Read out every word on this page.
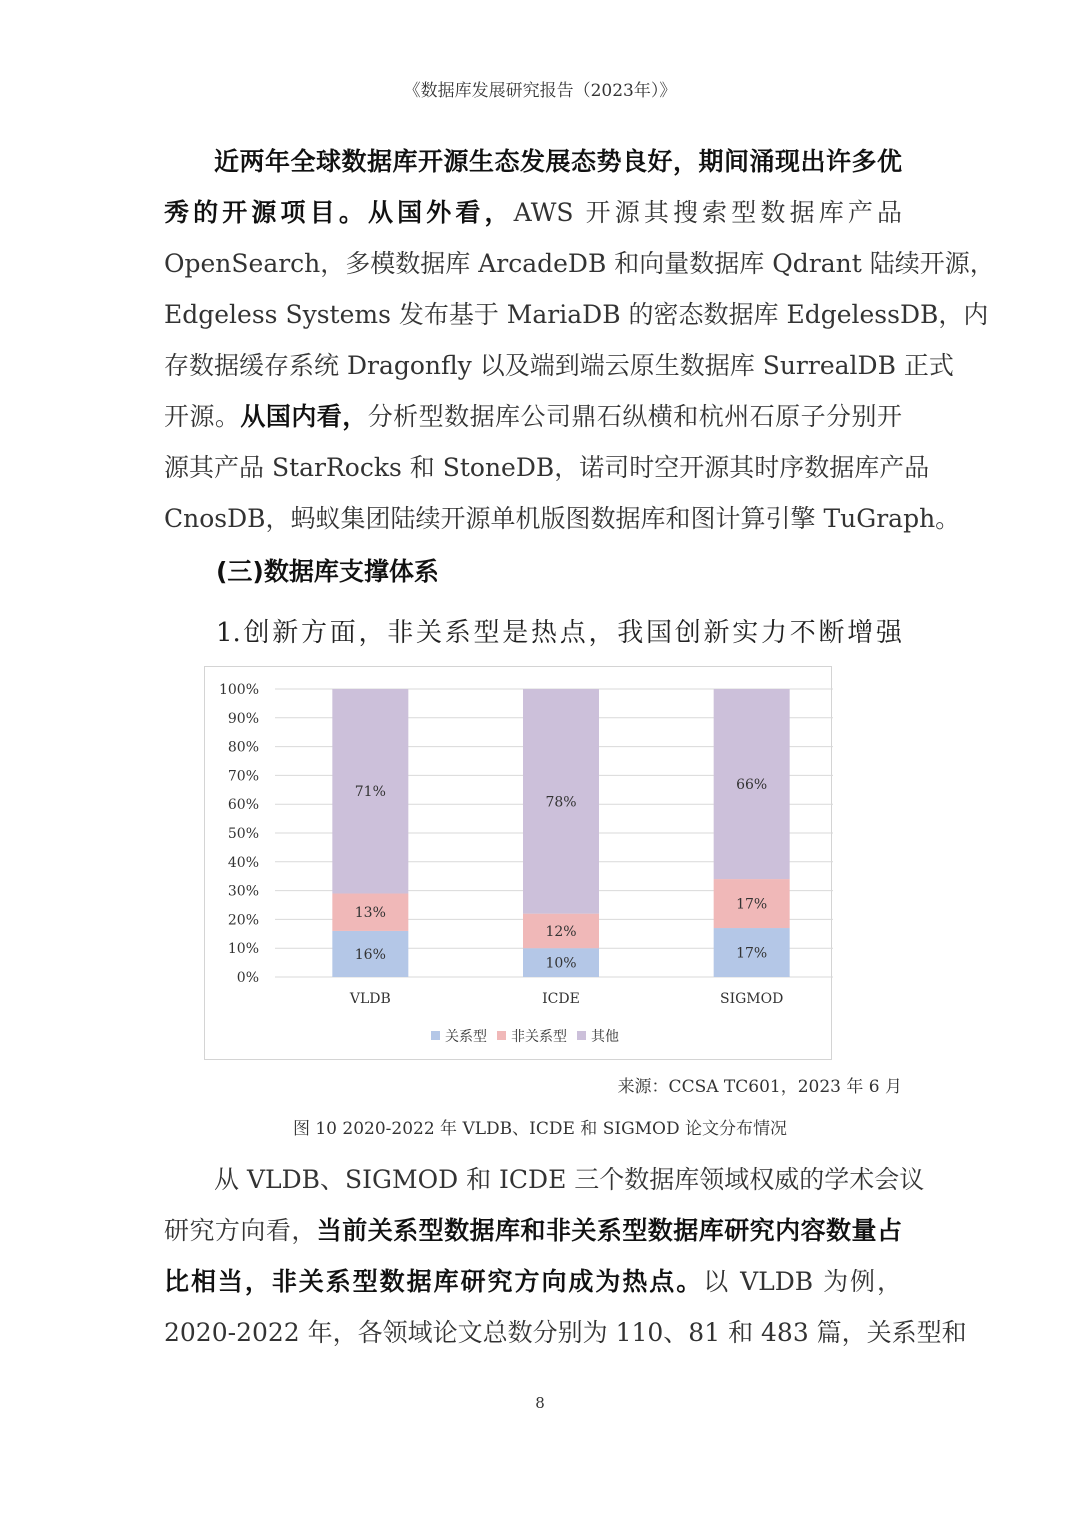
《数据库发展研究报告（2023年）》
近两年全球数据库开源生态发展态势良好，期间涌现出许多优
秀的开源项目。从国外看，AWS 开源其搜索型数据库产品
OpenSearch，多模数据库 ArcadeDB 和向量数据库 Qdrant 陆续开源，
Edgeless Systems 发布基于 MariaDB 的密态数据库 EdgelessDB，内
存数据缓存系统 Dragonfly 以及端到端云原生数据库 SurrealDB 正式
开源。从国内看，分析型数据库公司鼎石纵横和杭州石原子分别开
源其产品 StarRocks 和 StoneDB，诺司时空开源其时序数据库产品
CnosDB，蚂蚁集团陆续开源单机版图数据库和图计算引擎 TuGraph。
(三)数据库支撑体系
1.创新方面，非关系型是热点，我国创新实力不断增强
0%
10%
20%
30%
40%
50%
60%
70%
80%
90%
100%
16%
13%
71%
VLDB
10%
12%
78%
ICDE
17%
17%
66%
SIGMOD
关系型 非关系型 其他
来源：CCSA TC601，2023 年 6 月
图 10 2020-2022 年 VLDB、ICDE 和 SIGMOD 论文分布情况
从 VLDB、SIGMOD 和 ICDE 三个数据库领域权威的学术会议
研究方向看，当前关系型数据库和非关系型数据库研究内容数量占
比相当，非关系型数据库研究方向成为热点。以 VLDB 为例，
2020-2022 年，各领域论文总数分别为 110、81 和 483 篇，关系型和
8
